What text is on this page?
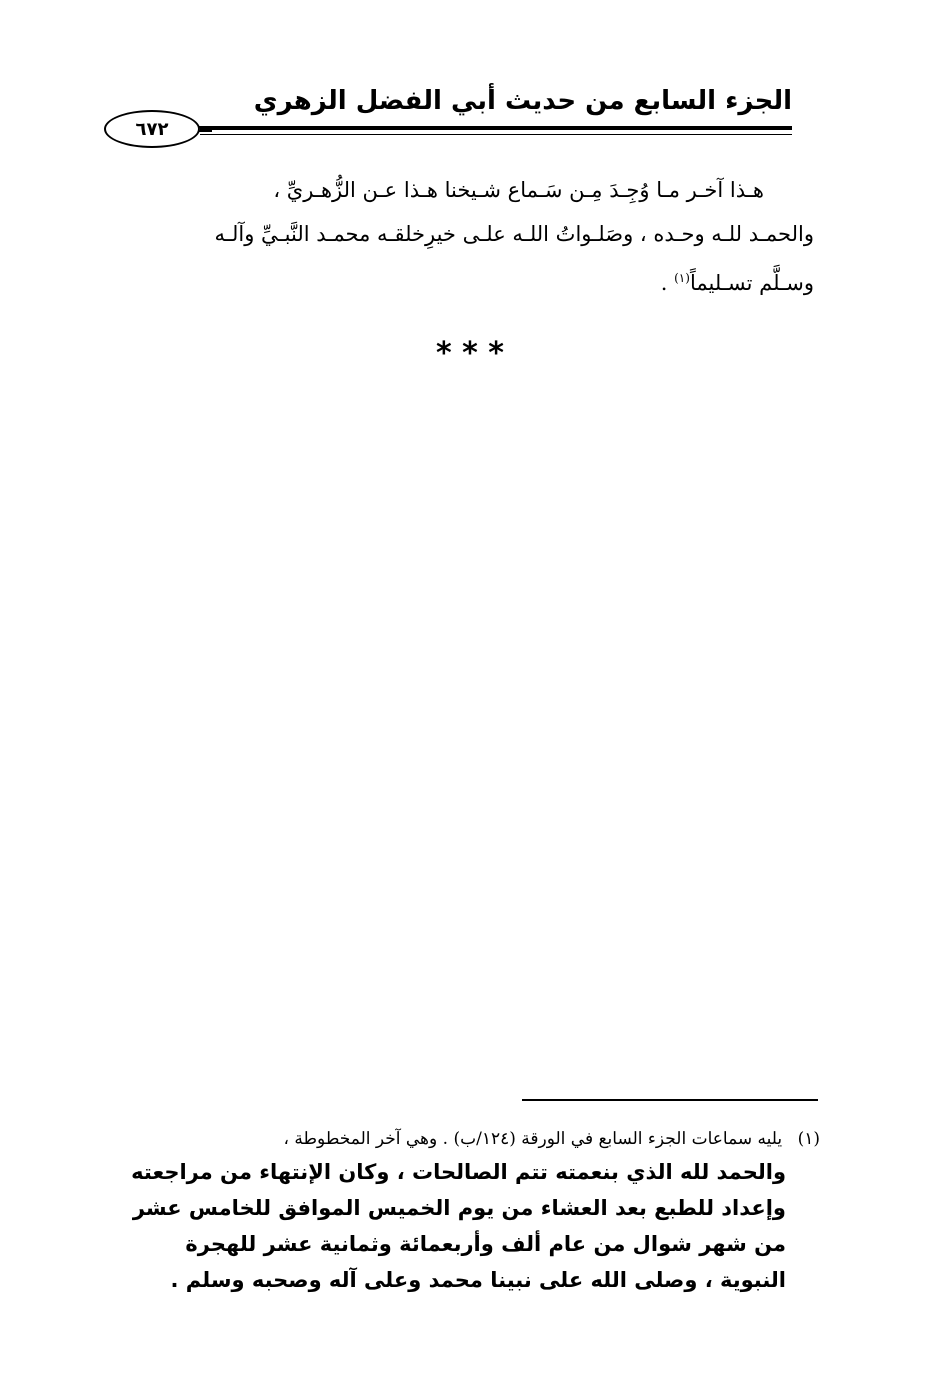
الجزء السابع من حديث أبي الفضل الزهري
٦٧٢
هـذا آخـر مـا وُجِـدَ مِـن سَـماع شـيخنا هـذا عـن الزُّهـريِّ ،
والحمـد للـه وحـده ، وصَلـواتُ اللـه علـى خيرِخلقـه محمـد النَّبـيِّ وآلـه
وسـلَّم تسـليماً$^{(١)}$ .
* * *
(١) يليه سماعات الجزء السابع في الورقة (١٢٤/ب) . وهي آخر المخطوطة ،
والحمد لله الذي بنعمته تتم الصالحات ، وكان الإنتهاء من مراجعته
وإعداد للطبع بعد العشاء من يوم الخميس الموافق للخامس عشر
من شهر شوال من عام ألف وأربعمائة وثمانية عشر للهجرة
النبوية ، وصلى الله على نبينا محمد وعلى آله وصحبه وسلم .
